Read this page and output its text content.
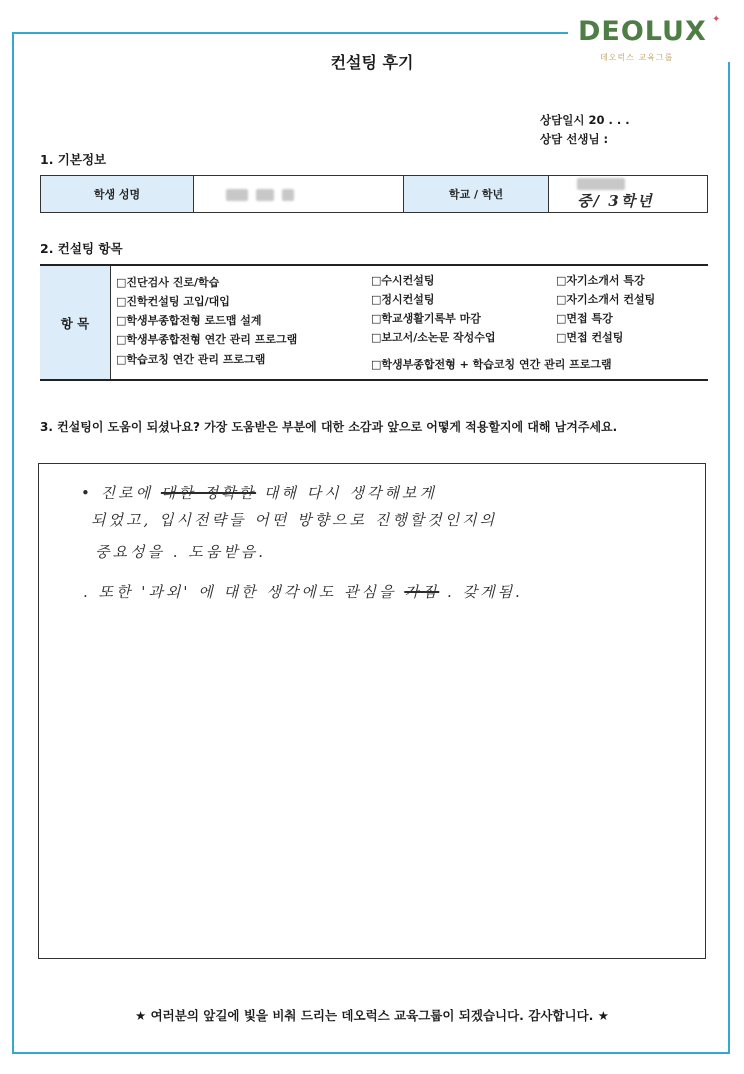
DEOLUX ✦
데오럭스 교육그룹
컨설팅 후기
상담일시 20 . . .
상담 선생님 :
1. 기본정보
학생 성명		학교 / 학년	중/ 3학년
2. 컨설팅 항목
항 목
□진단검사 진로/학습
□진학컨설팅 고입/대입
□학생부종합전형 로드맵 설계
□학생부종합전형 연간 관리 프로그램
□학습코칭 연간 관리 프로그램
□수시컨설팅
□정시컨설팅
□학교생활기록부 마감
□보고서/소논문 작성수업
□자기소개서 특강
□자기소개서 컨설팅
□면접 특강
□면접 컨설팅
□학생부종합전형 + 학습코칭 연간 관리 프로그램
3. 컨설팅이 도움이 되셨나요? 가장 도움받은 부분에 대한 소감과 앞으로 어떻게 적용할지에 대해 남겨주세요.
• 진로에 대한 정확한 대해 다시 생각해보게
되었고, 입시전략들 어떤 방향으로 진행할것인지의
중요성을 . 도움받음.
. 또한 '과외' 에 대한 생각에도 관심을 가짐 . 갖게됨.
★ 여러분의 앞길에 빛을 비춰 드리는 데오럭스 교육그룹이 되겠습니다. 감사합니다. ★
